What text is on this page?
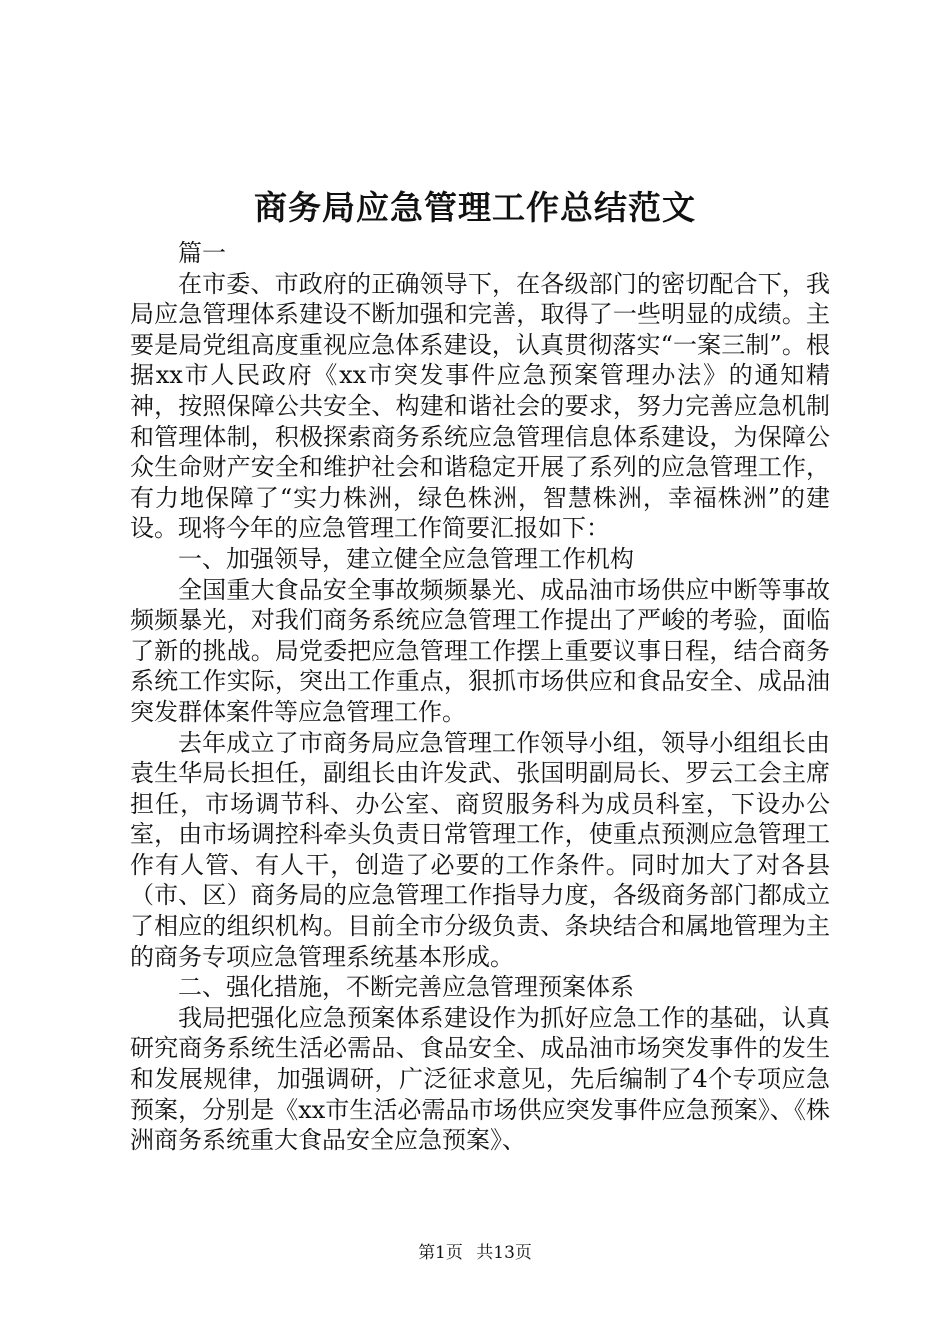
商务局应急管理工作总结范文

篇一

在市委、市政府的正确领导下，在各级部门的密切配合下，我局应急管理体系建设不断加强和完善，取得了一些明显的成绩。主要是局党组高度重视应急体系建设，认真贯彻落实“一案三制”。根据xx市人民政府《xx市突发事件应急预案管理办法》的通知精神，按照保障公共安全、构建和谐社会的要求，努力完善应急机制和管理体制，积极探索商务系统应急管理信息体系建设，为保障公众生命财产安全和维护社会和谐稳定开展了系列的应急管理工作，有力地保障了“实力株洲，绿色株洲，智慧株洲，幸福株洲”的建设。现将今年的应急管理工作简要汇报如下：

一、加强领导，建立健全应急管理工作机构

全国重大食品安全事故频频暴光、成品油市场供应中断等事故频频暴光，对我们商务系统应急管理工作提出了严峻的考验，面临了新的挑战。局党委把应急管理工作摆上重要议事日程，结合商务系统工作实际，突出工作重点，狠抓市场供应和食品安全、成品油突发群体案件等应急管理工作。

去年成立了市商务局应急管理工作领导小组，领导小组组长由袁生华局长担任，副组长由许发武、张国明副局长、罗云工会主席担任，市场调节科、办公室、商贸服务科为成员科室，下设办公室，由市场调控科牵头负责日常管理工作，使重点预测应急管理工作有人管、有人干，创造了必要的工作条件。同时加大了对各县（市、区）商务局的应急管理工作指导力度，各级商务部门都成立了相应的组织机构。目前全市分级负责、条块结合和属地管理为主的商务专项应急管理系统基本形成。

二、强化措施，不断完善应急管理预案体系

我局把强化应急预案体系建设作为抓好应急工作的基础，认真研究商务系统生活必需品、食品安全、成品油市场突发事件的发生和发展规律，加强调研，广泛征求意见，先后编制了4个专项应急预案，分别是《xx市生活必需品市场供应突发事件应急预案》、《株洲商务系统重大食品安全应急预案》、

第1页 共13页
